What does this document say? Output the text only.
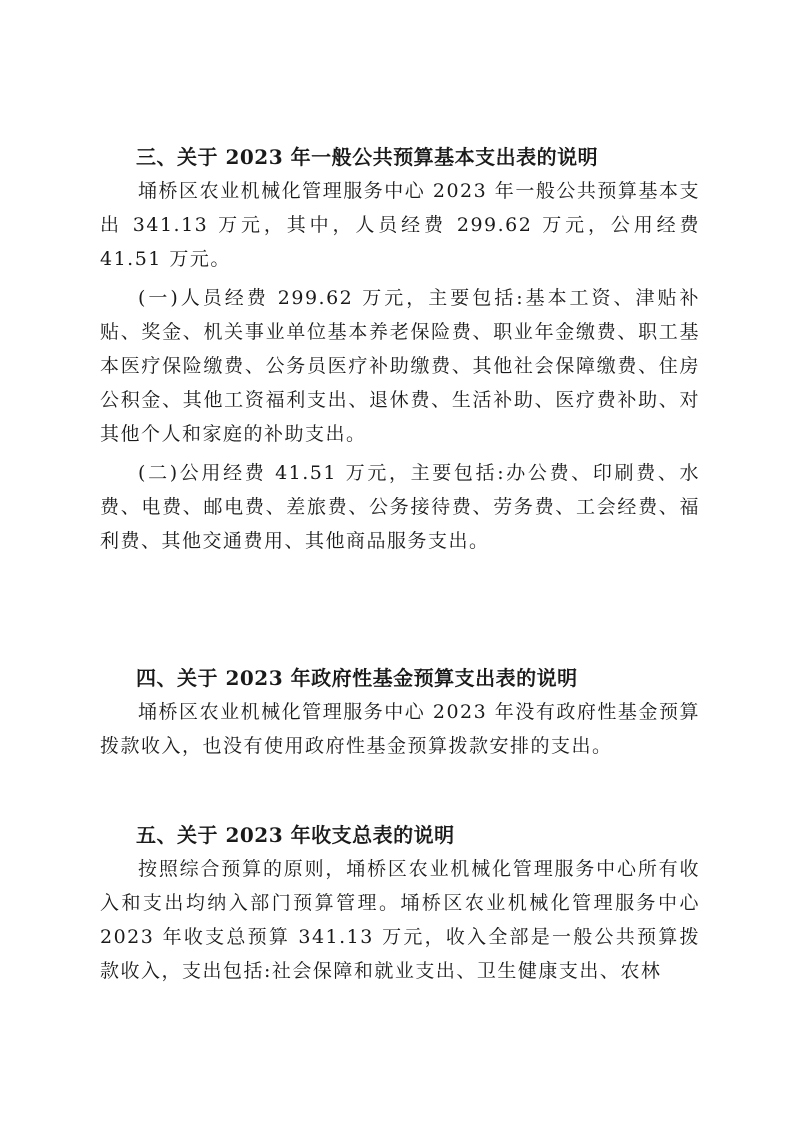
三、关于 2023 年一般公共预算基本支出表的说明

埇桥区农业机械化管理服务中心 2023 年一般公共预算基本支出 341.13 万元，其中，人员经费 299.62 万元，公用经费 41.51 万元。

(一)人员经费 299.62 万元，主要包括:基本工资、津贴补贴、奖金、机关事业单位基本养老保险费、职业年金缴费、职工基本医疗保险缴费、公务员医疗补助缴费、其他社会保障缴费、住房公积金、其他工资福利支出、退休费、生活补助、医疗费补助、对其他个人和家庭的补助支出。

(二)公用经费 41.51 万元，主要包括:办公费、印刷费、水费、电费、邮电费、差旅费、公务接待费、劳务费、工会经费、福利费、其他交通费用、其他商品服务支出。

四、关于 2023 年政府性基金预算支出表的说明

埇桥区农业机械化管理服务中心 2023 年没有政府性基金预算拨款收入，也没有使用政府性基金预算拨款安排的支出。

五、关于 2023 年收支总表的说明

按照综合预算的原则，埇桥区农业机械化管理服务中心所有收入和支出均纳入部门预算管理。埇桥区农业机械化管理服务中心 2023 年收支总预算 341.13 万元，收入全部是一般公共预算拨款收入，支出包括:社会保障和就业支出、卫生健康支出、农林
